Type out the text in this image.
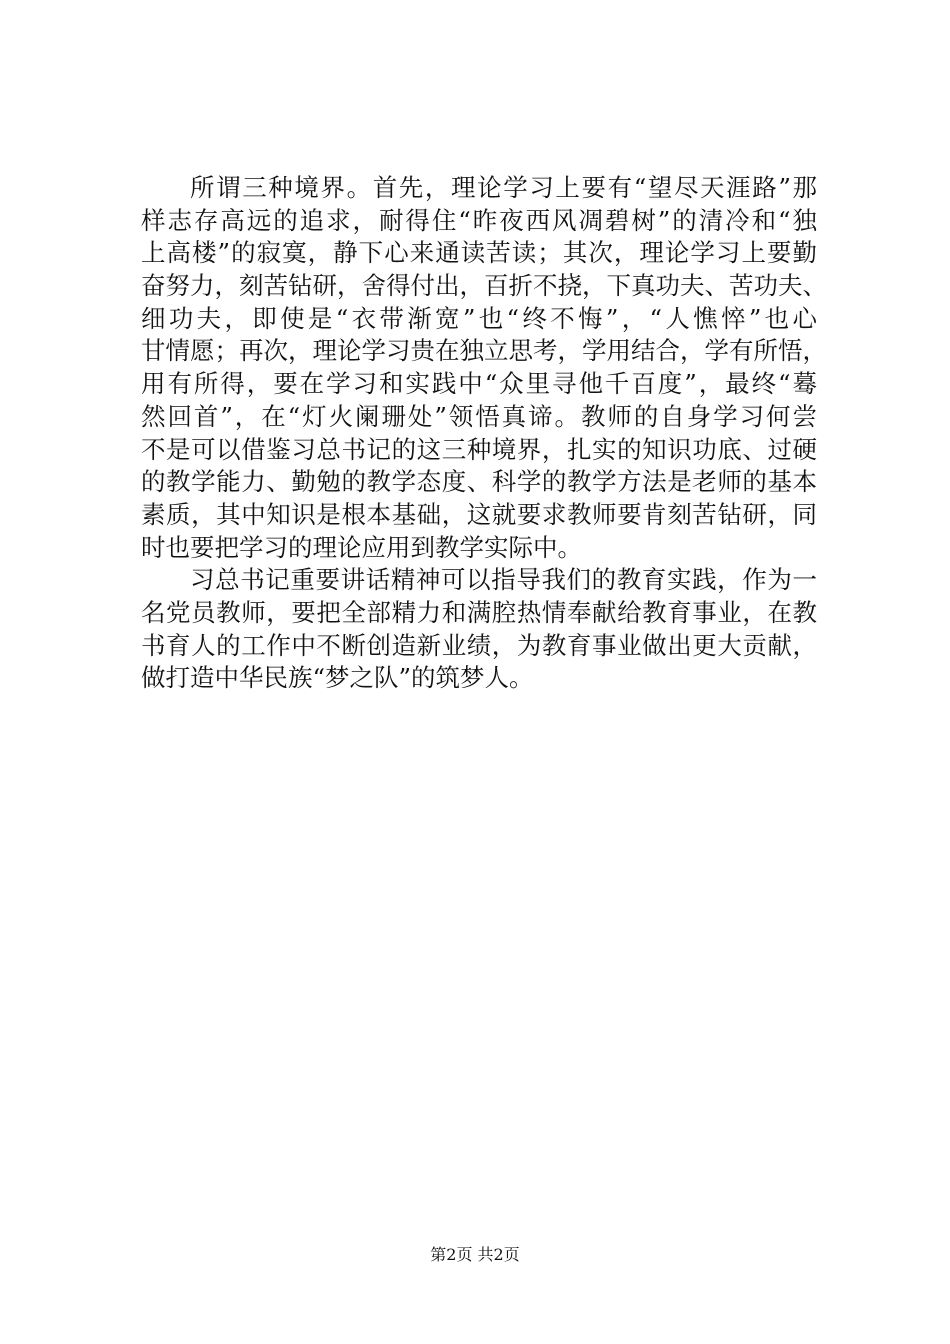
所谓三种境界。首先，理论学习上要有“望尽天涯路”那
样志存高远的追求，耐得住“昨夜西风凋碧树”的清冷和“独
上高楼”的寂寞，静下心来通读苦读；其次，理论学习上要勤
奋努力，刻苦钻研，舍得付出，百折不挠，下真功夫、苦功夫、
细功夫，即使是“衣带渐宽”也“终不悔”，“人憔悴”也心
甘情愿；再次，理论学习贵在独立思考，学用结合，学有所悟，
用有所得，要在学习和实践中“众里寻他千百度”，最终“蓦
然回首”，在“灯火阑珊处”领悟真谛。教师的自身学习何尝
不是可以借鉴习总书记的这三种境界，扎实的知识功底、过硬
的教学能力、勤勉的教学态度、科学的教学方法是老师的基本
素质，其中知识是根本基础，这就要求教师要肯刻苦钻研，同
时也要把学习的理论应用到教学实际中。
习总书记重要讲话精神可以指导我们的教育实践，作为一
名党员教师，要把全部精力和满腔热情奉献给教育事业，在教
书育人的工作中不断创造新业绩，为教育事业做出更大贡献，
做打造中华民族“梦之队”的筑梦人。
第2页 共2页
